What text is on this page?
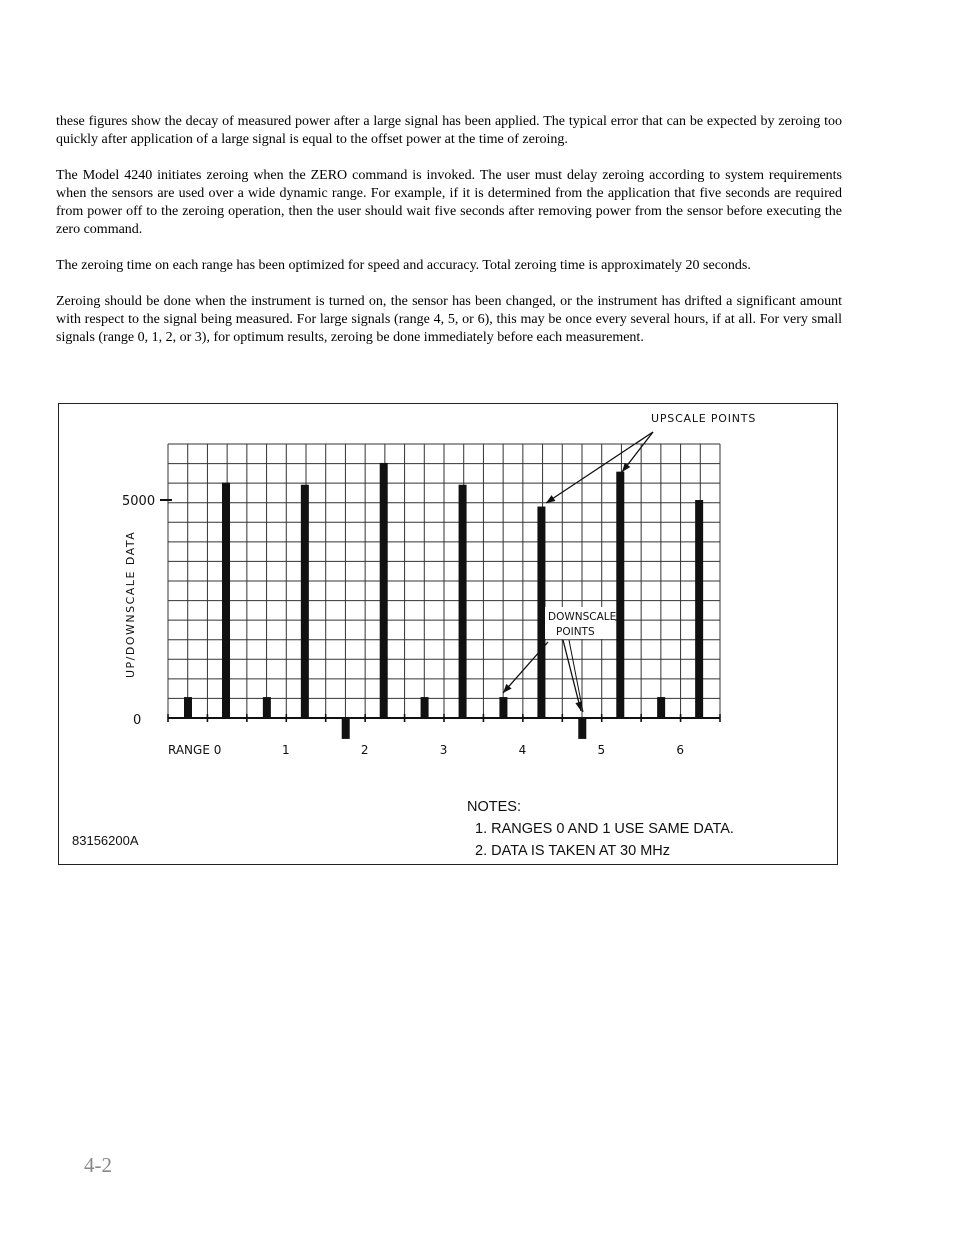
these figures show the decay of measured power after a large signal has been applied. The typical error that can be expected by zeroing too quickly after application of a large signal is equal to the offset power at the time of zeroing.

The Model 4240 initiates zeroing when the ZERO command is invoked. The user must delay zeroing according to system requirements when the sensors are used over a wide dynamic range. For example, if it is determined from the application that five seconds are required from power off to the zeroing operation, then the user should wait five seconds after removing power from the sensor before executing the zero command.

The zeroing time on each range has been optimized for speed and accuracy. Total zeroing time is approximately 20 seconds.

Zeroing should be done when the instrument is turned on, the sensor has been changed, or the instrument has drifted a significant amount with respect to the signal being measured. For large signals (range 4, 5, or 6), this may be once every several hours, if at all. For very small signals (range 0, 1, 2, or 3), for optimum results, zeroing be done immediately before each measurement.

RANGE 0	1	2	3	4	5	6
5000
0
UP/DOWNSCALE DATA
UPSCALE POINTS
DOWNSCALE
POINTS
NOTES:
1. RANGES 0 AND 1 USE SAME DATA.
2. DATA IS TAKEN AT 30 MHz
83156200A
4-2
